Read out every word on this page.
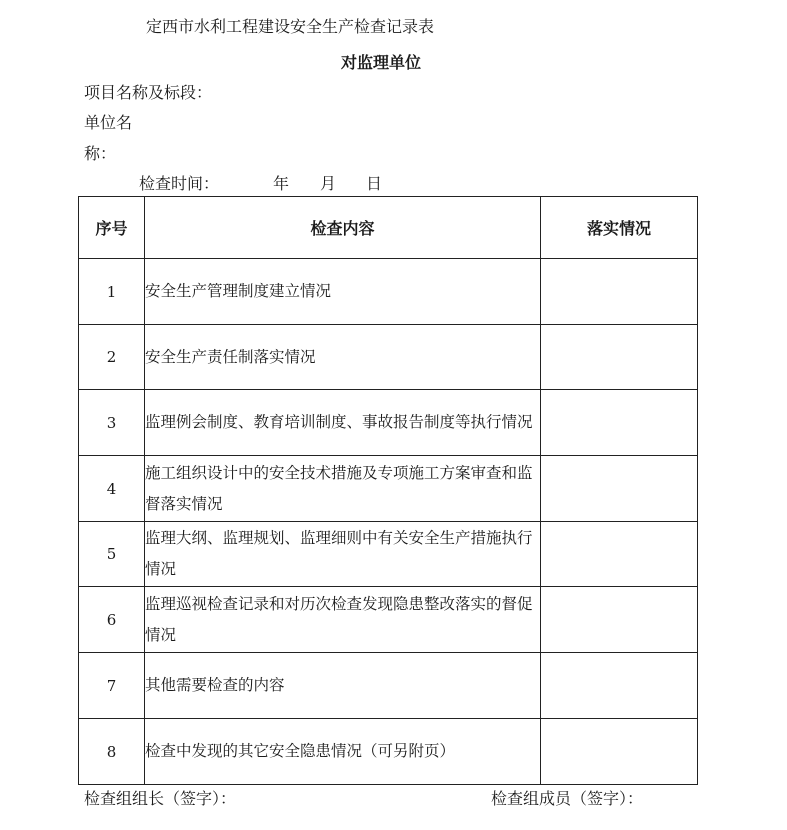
定西市水利工程建设安全生产检查记录表
对监理单位
项目名称及标段：
单位名
称：
检查时间：	年 月 日
序号	检查内容	落实情况
1	安全生产管理制度建立情况	
2	安全生产责任制落实情况	
3	监理例会制度、教育培训制度、事故报告制度等执行情况	
4	施工组织设计中的安全技术措施及专项施工方案审查和监督落实情况	
5	监理大纲、监理规划、监理细则中有关安全生产措施执行情况	
6	监理巡视检查记录和对历次检查发现隐患整改落实的督促情况	
7	其他需要检查的内容	
8	检查中发现的其它安全隐患情况（可另附页）	
检查组组长（签字）：	检查组成员（签字）：
